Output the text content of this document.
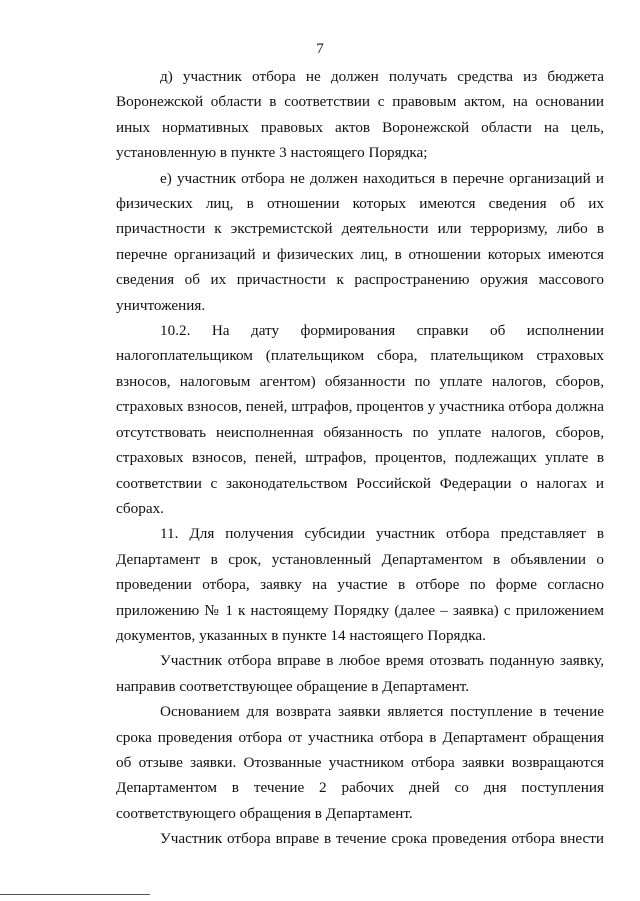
7

д) участник отбора не должен получать средства из бюджета Воронежской области в соответствии с правовым актом, на основании иных нормативных правовых актов Воронежской области на цель, установленную в пункте 3 настоящего Порядка;

е) участник отбора не должен находиться в перечне организаций и физических лиц, в отношении которых имеются сведения об их причастности к экстремистской деятельности или терроризму, либо в перечне организаций и физических лиц, в отношении которых имеются сведения об их причастности к распространению оружия массового уничтожения.

10.2. На дату формирования справки об исполнении налогоплательщиком (плательщиком сбора, плательщиком страховых взносов, налоговым агентом) обязанности по уплате налогов, сборов, страховых взносов, пеней, штрафов, процентов у участника отбора должна отсутствовать неисполненная обязанность по уплате налогов, сборов, страховых взносов, пеней, штрафов, процентов, подлежащих уплате в соответствии с законодательством Российской Федерации о налогах и сборах.

11. Для получения субсидии участник отбора представляет в Департамент в срок, установленный Департаментом в объявлении о проведении отбора, заявку на участие в отборе по форме согласно приложению № 1 к настоящему Порядку (далее – заявка) с приложением документов, указанных в пункте 14 настоящего Порядка.

Участник отбора вправе в любое время отозвать поданную заявку, направив соответствующее обращение в Департамент.

Основанием для возврата заявки является поступление в течение срока проведения отбора от участника отбора в Департамент обращения об отзыве заявки. Отозванные участником отбора заявки возвращаются Департаментом в течение 2 рабочих дней со дня поступления соответствующего обращения в Департамент.

Участник отбора вправе в течение срока проведения отбора внести
